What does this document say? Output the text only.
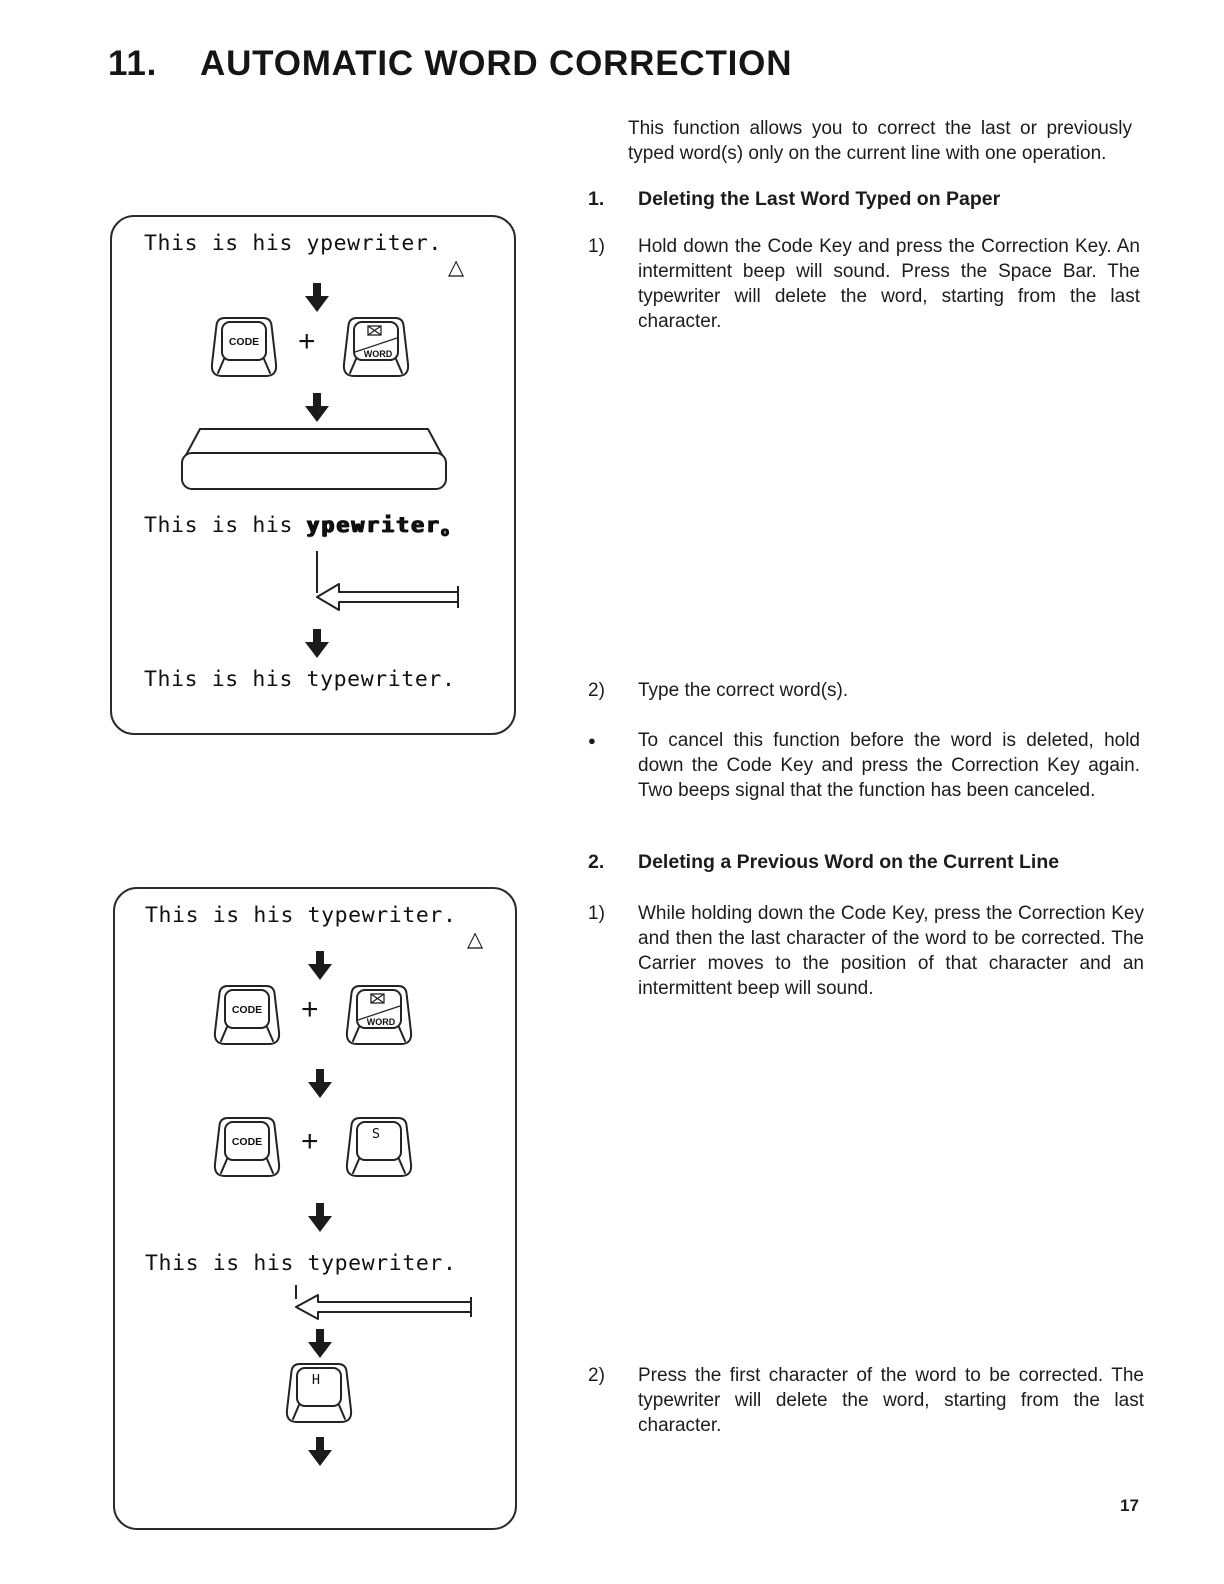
11.	AUTOMATIC WORD CORRECTION
This function allows you to correct the last or previously typed word(s) only on the current line with one operation.
1.	Deleting the Last Word Typed on Paper
1)	Hold down the Code Key and press the Correction Key. An intermittent beep will sound. Press the Space Bar. The typewriter will delete the word, starting from the last character.
2)	Type the correct word(s).
●	To cancel this function before the word is deleted, hold down the Code Key and press the Correction Key again. Two beeps signal that the function has been canceled.
2.	Deleting a Previous Word on the Current Line
1)	While holding down the Code Key, press the Correction Key and then the last character of the word to be corrected. The Carrier moves to the position of that character and an intermittent beep will sound.
2)	Press the first character of the word to be corrected. The typewriter will delete the word, starting from the last character.
17
This is his ypewriter.
△
CODE +	WORD
This is his ypewritero
This is his typewriter.
This is his typewriter.
△
CODE +	WORD
CODE +	S
This is his typewriter.
H
